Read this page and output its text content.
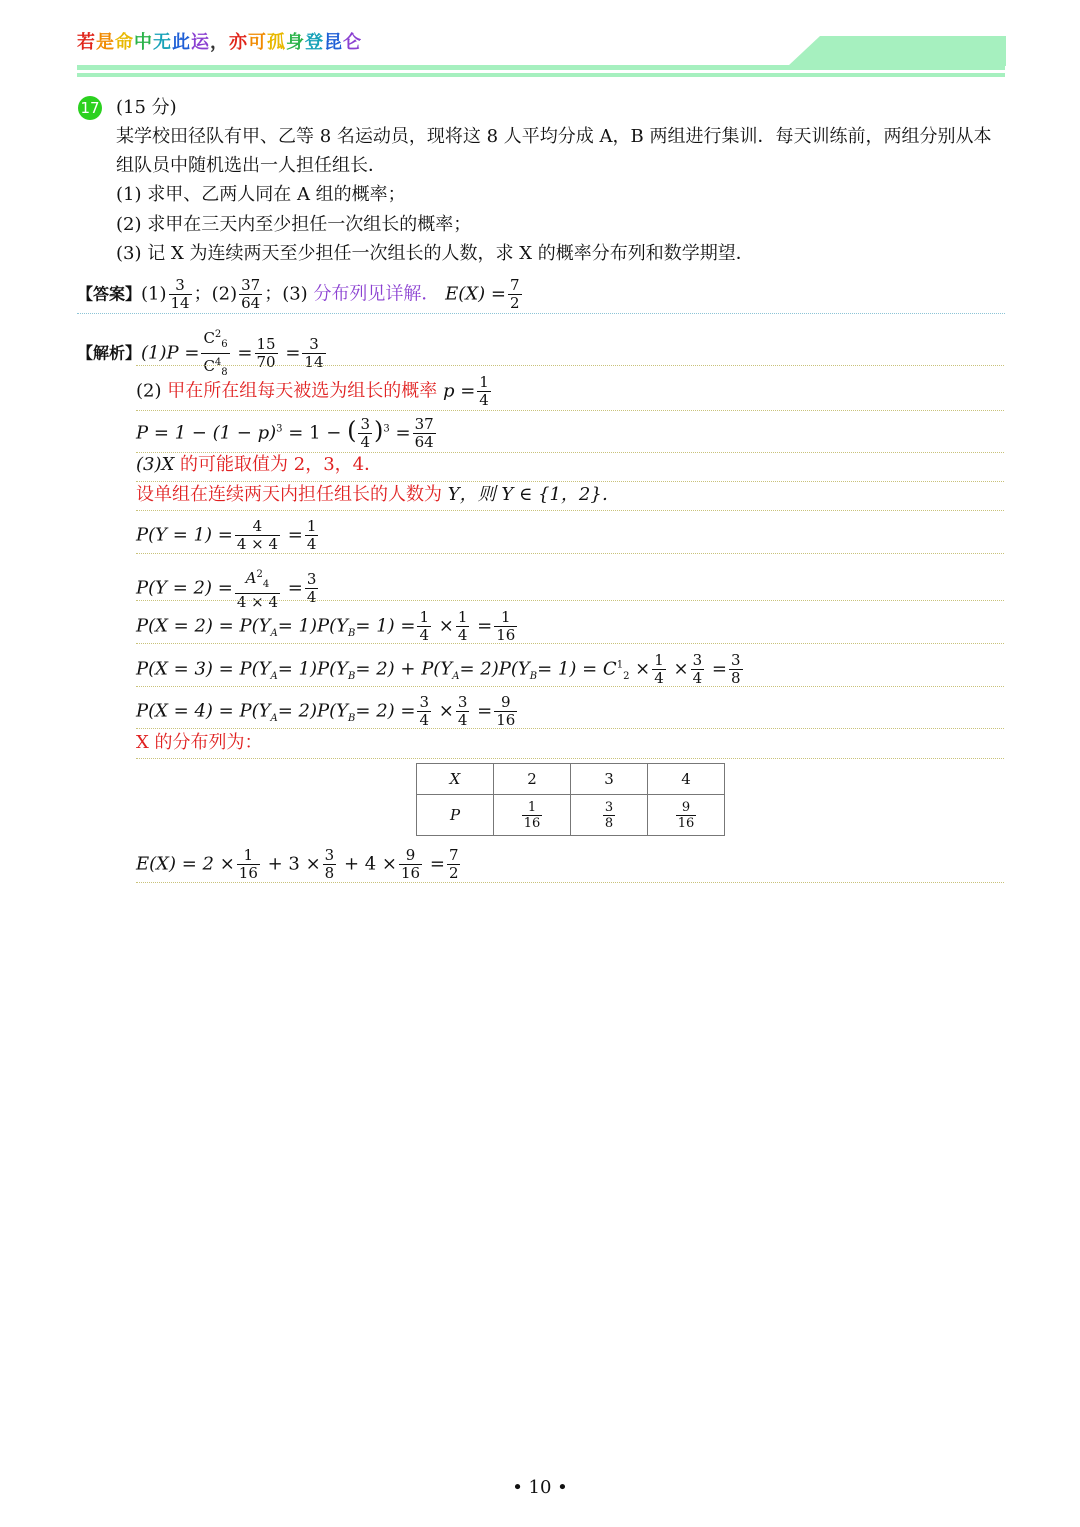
若是命中无此运，亦可孤身登昆仑
17 (15 分)
某学校田径队有甲、乙等 8 名运动员，现将这 8 人平均分成 A，B 两组进行集训．每天训练前，两组分别从本
组队员中随机选出一人担任组长．
(1) 求甲、乙两人同在 A 组的概率；
(2) 求甲在三天内至少担任一次组长的概率；
(3) 记 X 为连续两天至少担任一次组长的人数，求 X 的概率分布列和数学期望．
【答案】$(1) \frac{3}{14}$ ；$(2) \frac{37}{64}$ ；(3) 分布列见详解． $E(X) = \frac{7}{2}$
【解析】$(1)P = \frac{C^2_6}{C^4_8} = \frac{15}{70} = \frac{3}{14}$
(2) 甲在所在组每天被选为组长的概率 $p = \frac{1}{4}$
$P = 1 - (1 - p)^3 = 1$ − ( $\frac{3}{4} )^3 = \frac{37}{64}$
(3)X 的可能取值为 2，3，4．
设单组在连续两天内担任组长的人数为 Y，则 Y ∈ {1，2}．
$P(Y = 1) = \frac{4}{4 \times 4} = \frac{1}{4}$
$P(Y = 2) = \frac{A^2_4}{4 \times 4} = \frac{3}{4}$
$P(X = 2) = P(Y_A= 1)P(Y_B= 1) = \frac{1}{4} \times \frac{1}{4} = \frac{1}{16}$
$P(X = 3) = P(Y_A= 1)P(Y_B= 2) + P(Y_A= 2)P(Y_B= 1) = C^1_2 \times \frac{1}{4} \times \frac{3}{4} = \frac{3}{8}$
$P(X = 4) = P(Y_A= 2)P(Y_B= 2) = \frac{3}{4} \times \frac{3}{4} = \frac{9}{16}$
X 的分布列为：
X	2	3	4
P	$\frac{1}{16}$	$\frac{3}{8}$	$\frac{9}{16}$
$E(X) = 2 \times \frac{1}{16} + 3 \times \frac{3}{8} + 4 \times \frac{9}{16} = \frac{7}{2}$
• 10 •
